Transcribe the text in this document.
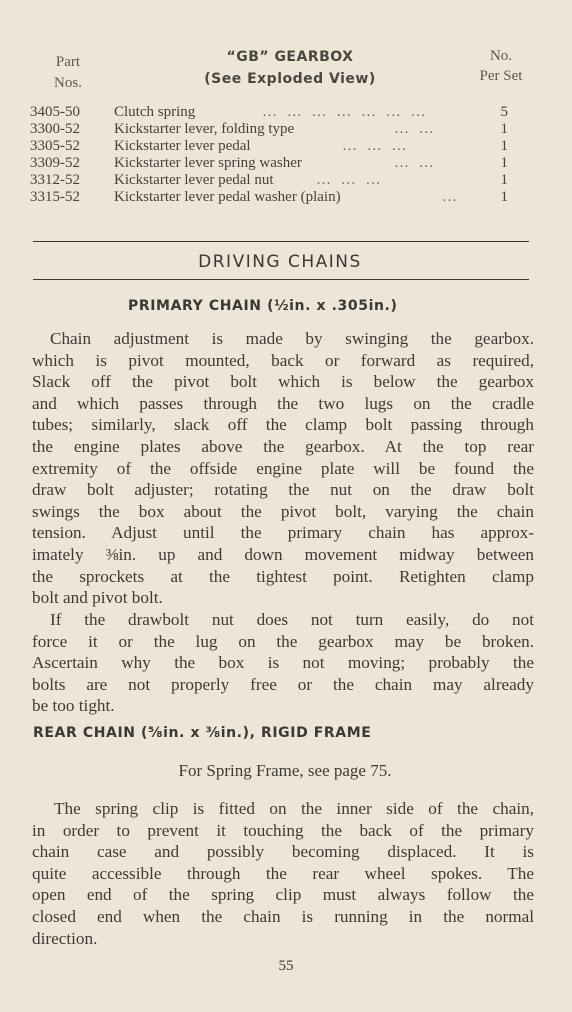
Part
Nos.
“GB” GEARBOX
(See Exploded View)
No.
Per Set
3405-50	Clutch spring	… … … … … … …	5
3300-52	Kickstarter lever, folding type	… …	1
3305-52	Kickstarter lever pedal	… … …	1
3309-52	Kickstarter lever spring washer	… …	1
3312-52	Kickstarter lever pedal nut	… … …	1
3315-52	Kickstarter lever pedal washer (plain)	…	1
DRIVING CHAINS
PRIMARY CHAIN (½in. x .305in.)
Chain adjustment is made by swinging the gearbox.
which is pivot mounted, back or forward as required,
Slack off the pivot bolt which is below the gearbox
and which passes through the two lugs on the cradle
tubes; similarly, slack off the clamp bolt passing through
the engine plates above the gearbox. At the top rear
extremity of the offside engine plate will be found the
draw bolt adjuster; rotating the nut on the draw bolt
swings the box about the pivot bolt, varying the chain
tension. Adjust until the primary chain has approx-
imately ⅜in. up and down movement midway between
the sprockets at the tightest point. Retighten clamp
bolt and pivot bolt.
If the drawbolt nut does not turn easily, do not
force it or the lug on the gearbox may be broken.
Ascertain why the box is not moving; probably the
bolts are not properly free or the chain may already
be too tight.
REAR CHAIN (⅝in. x ⅜in.), RIGID FRAME
For Spring Frame, see page 75.
The spring clip is fitted on the inner side of the chain,
in order to prevent it touching the back of the primary
chain case and possibly becoming displaced. It is
quite accessible through the rear wheel spokes. The
open end of the spring clip must always follow the
closed end when the chain is running in the normal
direction.
55
